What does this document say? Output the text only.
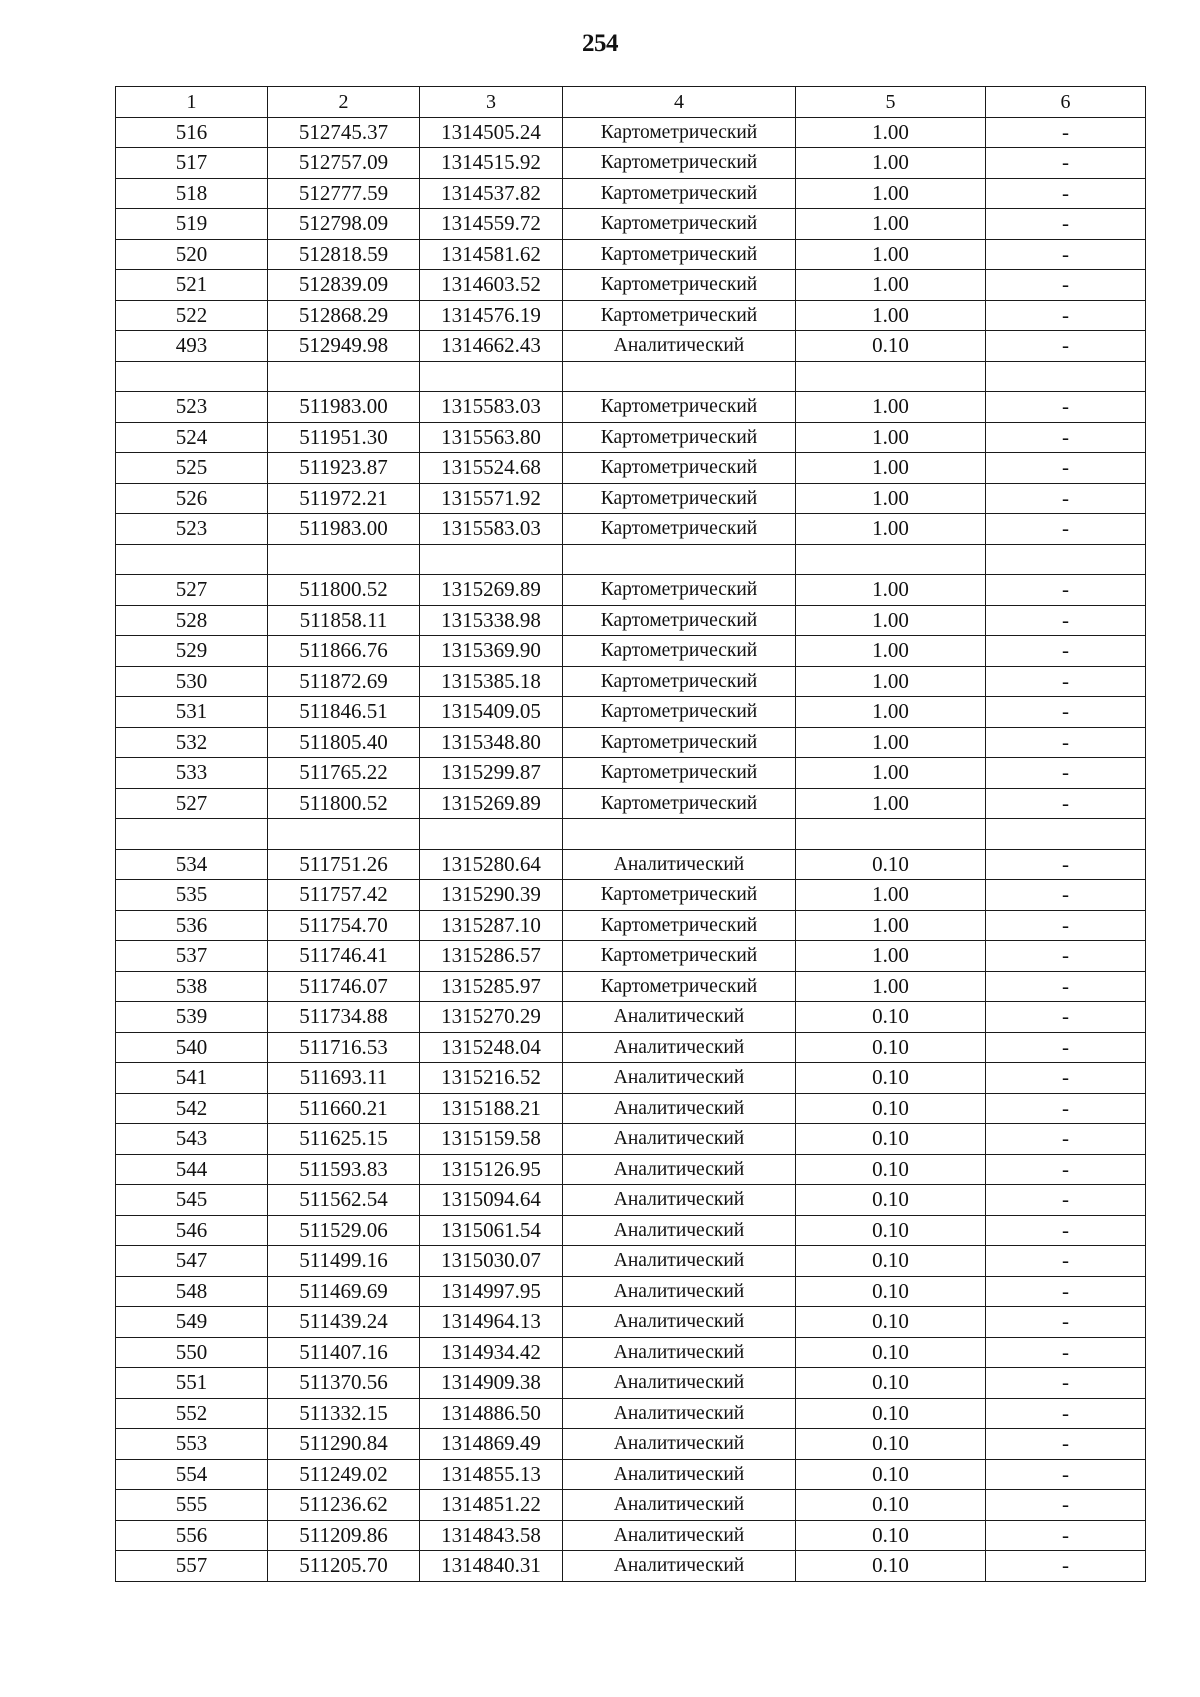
254
1	2	3	4	5	6
516	512745.37	1314505.24	Картометрический	1.00	-
517	512757.09	1314515.92	Картометрический	1.00	-
518	512777.59	1314537.82	Картометрический	1.00	-
519	512798.09	1314559.72	Картометрический	1.00	-
520	512818.59	1314581.62	Картометрический	1.00	-
521	512839.09	1314603.52	Картометрический	1.00	-
522	512868.29	1314576.19	Картометрический	1.00	-
493	512949.98	1314662.43	Аналитический	0.10	-

523	511983.00	1315583.03	Картометрический	1.00	-
524	511951.30	1315563.80	Картометрический	1.00	-
525	511923.87	1315524.68	Картометрический	1.00	-
526	511972.21	1315571.92	Картометрический	1.00	-
523	511983.00	1315583.03	Картометрический	1.00	-

527	511800.52	1315269.89	Картометрический	1.00	-
528	511858.11	1315338.98	Картометрический	1.00	-
529	511866.76	1315369.90	Картометрический	1.00	-
530	511872.69	1315385.18	Картометрический	1.00	-
531	511846.51	1315409.05	Картометрический	1.00	-
532	511805.40	1315348.80	Картометрический	1.00	-
533	511765.22	1315299.87	Картометрический	1.00	-
527	511800.52	1315269.89	Картометрический	1.00	-

534	511751.26	1315280.64	Аналитический	0.10	-
535	511757.42	1315290.39	Картометрический	1.00	-
536	511754.70	1315287.10	Картометрический	1.00	-
537	511746.41	1315286.57	Картометрический	1.00	-
538	511746.07	1315285.97	Картометрический	1.00	-
539	511734.88	1315270.29	Аналитический	0.10	-
540	511716.53	1315248.04	Аналитический	0.10	-
541	511693.11	1315216.52	Аналитический	0.10	-
542	511660.21	1315188.21	Аналитический	0.10	-
543	511625.15	1315159.58	Аналитический	0.10	-
544	511593.83	1315126.95	Аналитический	0.10	-
545	511562.54	1315094.64	Аналитический	0.10	-
546	511529.06	1315061.54	Аналитический	0.10	-
547	511499.16	1315030.07	Аналитический	0.10	-
548	511469.69	1314997.95	Аналитический	0.10	-
549	511439.24	1314964.13	Аналитический	0.10	-
550	511407.16	1314934.42	Аналитический	0.10	-
551	511370.56	1314909.38	Аналитический	0.10	-
552	511332.15	1314886.50	Аналитический	0.10	-
553	511290.84	1314869.49	Аналитический	0.10	-
554	511249.02	1314855.13	Аналитический	0.10	-
555	511236.62	1314851.22	Аналитический	0.10	-
556	511209.86	1314843.58	Аналитический	0.10	-
557	511205.70	1314840.31	Аналитический	0.10	-
